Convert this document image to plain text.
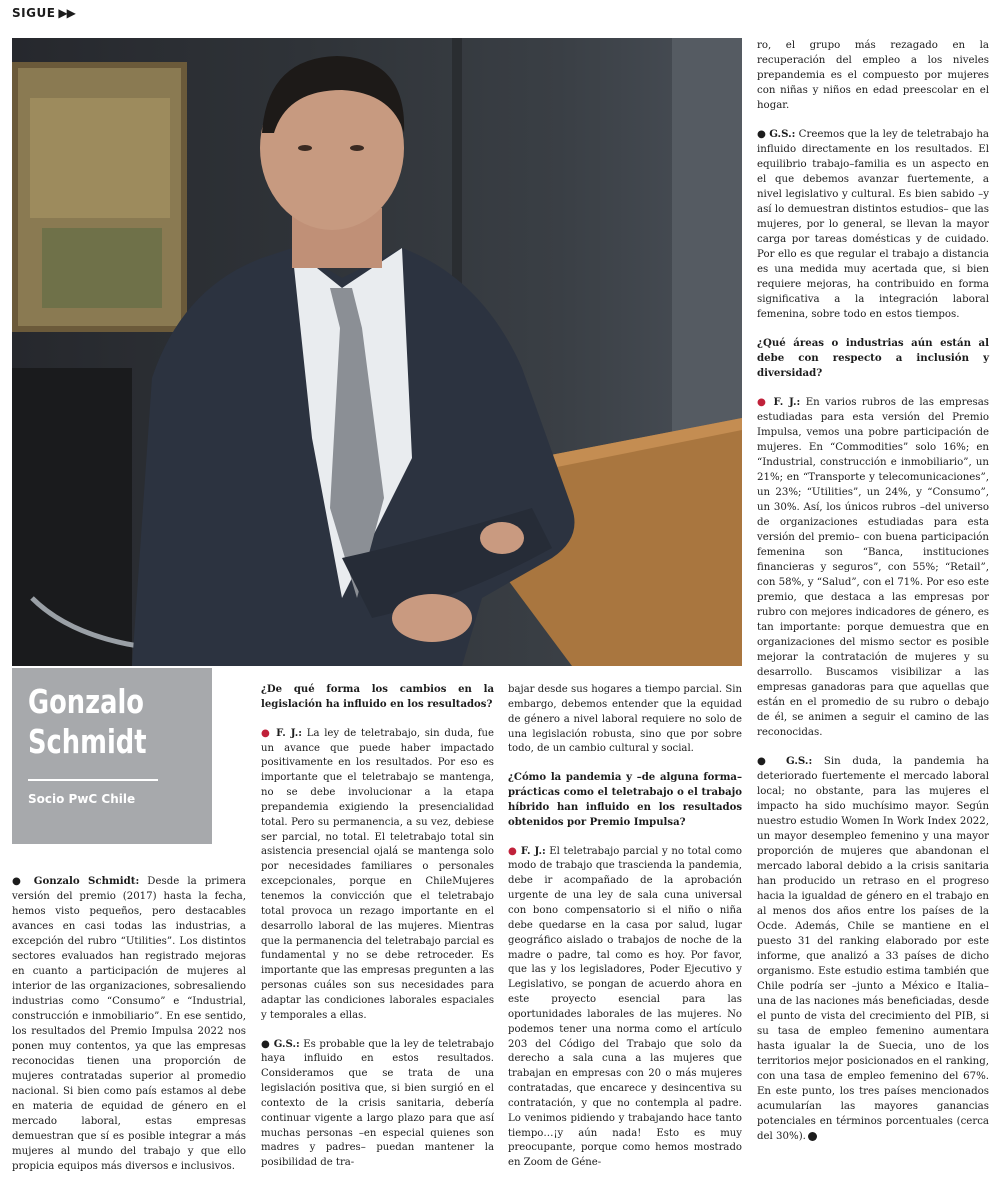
SIGUE ▶▶
Gonzalo
Schmidt
Socio PwC Chile

● Gonzalo Schmidt: Desde la primera versión del premio (2017) hasta la fecha, hemos visto pequeños, pero destacables avances en casi todas las industrias, a excepción del rubro “Utilities”. Los distintos sectores evaluados han registrado mejoras en cuanto a participación de mujeres al interior de las organizaciones, sobresaliendo industrias como “Consumo” e “Industrial, construcción e inmobiliario”. En ese sentido, los resultados del Premio Impulsa 2022 nos ponen muy contentos, ya que las empresas reconocidas tienen una proporción de mujeres contratadas superior al promedio nacional. Si bien como país estamos al debe en materia de equidad de género en el mercado laboral, estas empresas demuestran que sí es posible integrar a más mujeres al mundo del trabajo y que ello propicia equipos más diversos e inclusivos.

¿De qué forma los cambios en la legislación ha influido en los resultados?

● F. J.: La ley de teletrabajo, sin duda, fue un avance que puede haber impactado positivamente en los resultados. Por eso es importante que el teletrabajo se mantenga, no se debe involucionar a la etapa prepandemia exigiendo la presencialidad total. Pero su permanencia, a su vez, debiese ser parcial, no total. El teletrabajo total sin asistencia presencial ojalá se mantenga solo por necesidades familiares o personales excepcionales, porque en ChileMujeres tenemos la convicción que el teletrabajo total provoca un rezago importante en el desarrollo laboral de las mujeres. Mientras que la permanencia del teletrabajo parcial es fundamental y no se debe retroceder. Es importante que las empresas pregunten a las personas cuáles son sus necesidades para adaptar las condiciones laborales espaciales y temporales a ellas.

● G.S.: Es probable que la ley de teletrabajo haya influido en estos resultados. Consideramos que se trata de una legislación positiva que, si bien surgió en el contexto de la crisis sanitaria, debería continuar vigente a largo plazo para que así muchas personas –en especial quienes son madres y padres– puedan mantener la posibilidad de tra-

bajar desde sus hogares a tiempo parcial. Sin embargo, debemos entender que la equidad de género a nivel laboral requiere no solo de una legislación robusta, sino que por sobre todo, de un cambio cultural y social.

¿Cómo la pandemia y –de alguna forma– prácticas como el teletrabajo o el trabajo híbrido han influido en los resultados obtenidos por Premio Impulsa?

● F. J.: El teletrabajo parcial y no total como modo de trabajo que trascienda la pandemia, debe ir acompañado de la aprobación urgente de una ley de sala cuna universal con bono compensatorio si el niño o niña debe quedarse en la casa por salud, lugar geográfico aislado o trabajos de noche de la madre o padre, tal como es hoy. Por favor, que las y los legisladores, Poder Ejecutivo y Legislativo, se pongan de acuerdo ahora en este proyecto esencial para las oportunidades laborales de las mujeres. No podemos tener una norma como el artículo 203 del Código del Trabajo que solo da derecho a sala cuna a las mujeres que trabajan en empresas con 20 o más mujeres contratadas, que encarece y desincentiva su contratación, y que no contempla al padre. Lo venimos pidiendo y trabajando hace tanto tiempo…¡y aún nada! Esto es muy preocupante, porque como hemos mostrado en Zoom de Géne-

ro, el grupo más rezagado en la recuperación del empleo a los niveles prepandemia es el compuesto por mujeres con niñas y niños en edad preescolar en el hogar.

● G.S.: Creemos que la ley de teletrabajo ha influido directamente en los resultados. El equilibrio trabajo–familia es un aspecto en el que debemos avanzar fuertemente, a nivel legislativo y cultural. Es bien sabido –y así lo demuestran distintos estudios– que las mujeres, por lo general, se llevan la mayor carga por tareas domésticas y de cuidado. Por ello es que regular el trabajo a distancia es una medida muy acertada que, si bien requiere mejoras, ha contribuido en forma significativa a la integración laboral femenina, sobre todo en estos tiempos.

¿Qué áreas o industrias aún están al debe con respecto a inclusión y diversidad?

● F. J.: En varios rubros de las empresas estudiadas para esta versión del Premio Impulsa, vemos una pobre participación de mujeres. En “Commodities” solo 16%; en “Industrial, construcción e inmobiliario”, un 21%; en “Transporte y telecomunicaciones”, un 23%; “Utilities”, un 24%, y “Consumo”, un 30%. Así, los únicos rubros –del universo de organizaciones estudiadas para esta versión del premio– con buena participación femenina son “Banca, instituciones financieras y seguros”, con 55%; “Retail”, con 58%, y “Salud”, con el 71%. Por eso este premio, que destaca a las empresas por rubro con mejores indicadores de género, es tan importante: porque demuestra que en organizaciones del mismo sector es posible mejorar la contratación de mujeres y su desarrollo. Buscamos visibilizar a las empresas ganadoras para que aquellas que están en el promedio de su rubro o debajo de él, se animen a seguir el camino de las reconocidas.

● G.S.: Sin duda, la pandemia ha deteriorado fuertemente el mercado laboral local; no obstante, para las mujeres el impacto ha sido muchísimo mayor. Según nuestro estudio Women In Work Index 2022, un mayor desempleo femenino y una mayor proporción de mujeres que abandonan el mercado laboral debido a la crisis sanitaria han producido un retraso en el progreso hacia la igualdad de género en el trabajo en al menos dos años entre los países de la Ocde. Además, Chile se mantiene en el puesto 31 del ranking elaborado por este informe, que analizó a 33 países de dicho organismo. Este estudio estima también que Chile podría ser –junto a México e Italia– una de las naciones más beneficiadas, desde el punto de vista del crecimiento del PIB, si su tasa de empleo femenino aumentara hasta igualar la de Suecia, uno de los territorios mejor posicionados en el ranking, con una tasa de empleo femenino del 67%. En este punto, los tres países mencionados acumularían las mayores ganancias potenciales en términos porcentuales (cerca del 30%).
